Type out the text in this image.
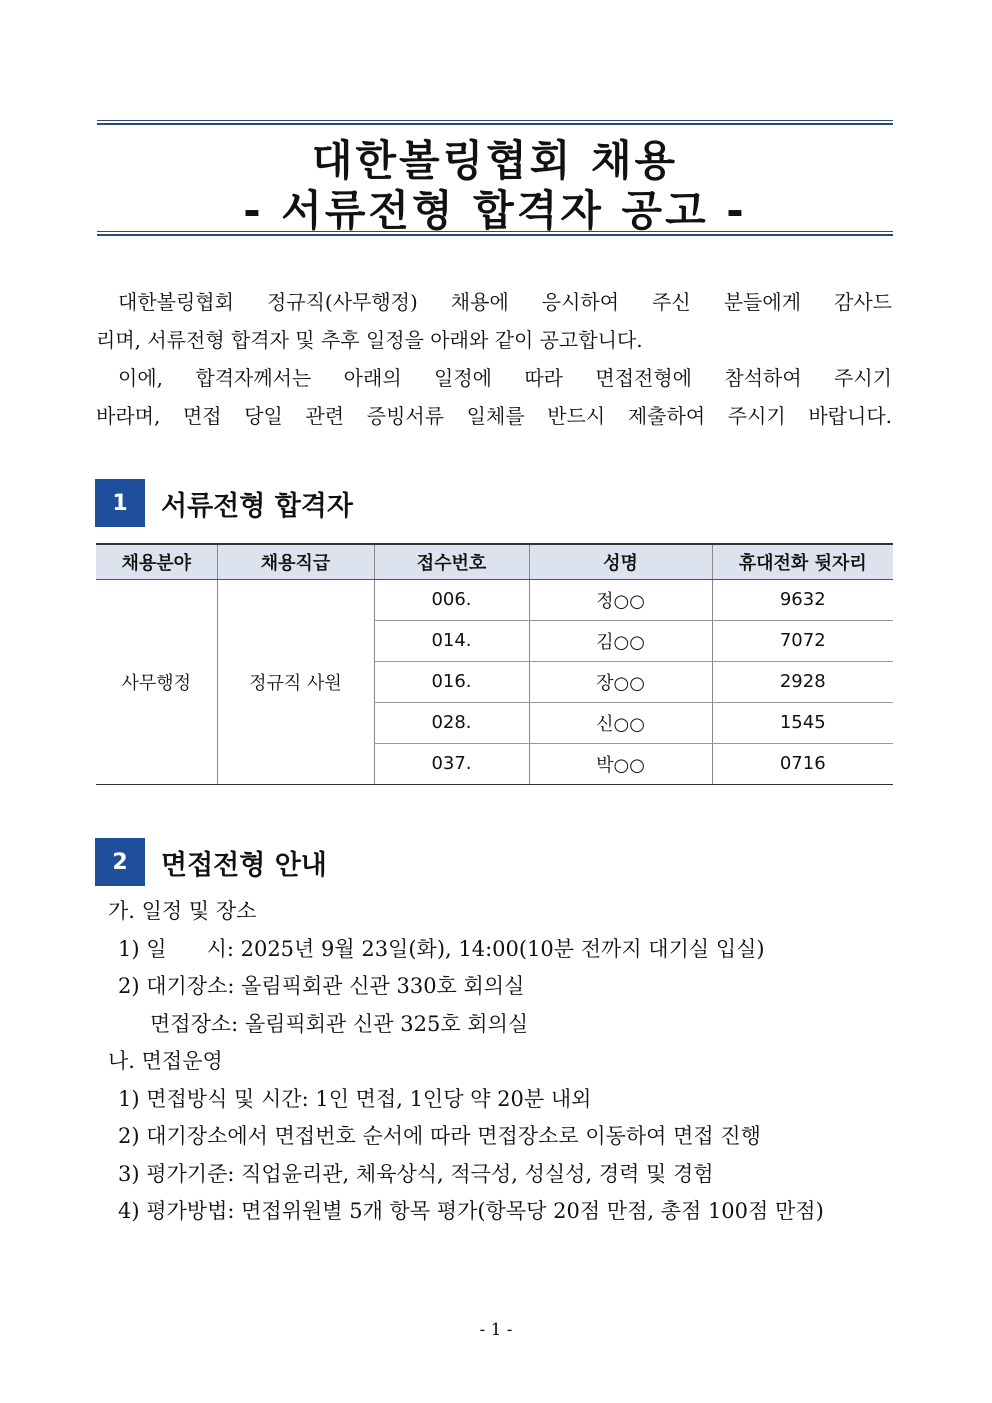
대한볼링협회 채용
- 서류전형 합격자 공고 -

대한볼링협회 정규직(사무행정) 채용에 응시하여 주신 분들에게 감사드

리며, 서류전형 합격자 및 추후 일정을 아래와 같이 공고합니다.

이에, 합격자께서는 아래의 일정에 따라 면접전형에 참석하여 주시기

바라며, 면접 당일 관련 증빙서류 일체를 반드시 제출하여 주시기 바랍니다.

1	서류전형 합격자
채용분야	채용직급	접수번호	성명	휴대전화 뒷자리
사무행정	정규직 사원	006.	정○○	9632
		014.	김○○	7072
		016.	장○○	2928
		028.	신○○	1545
		037.	박○○	0716
2	면접전형 안내
가. 일정 및 장소
1) 일      시: 2025년 9월 23일(화), 14:00(10분 전까지 대기실 입실)
2) 대기장소: 올림픽회관 신관 330호 회의실
면접장소: 올림픽회관 신관 325호 회의실
나. 면접운영
1) 면접방식 및 시간: 1인 면접, 1인당 약 20분 내외
2) 대기장소에서 면접번호 순서에 따라 면접장소로 이동하여 면접 진행
3) 평가기준: 직업윤리관, 체육상식, 적극성, 성실성, 경력 및 경험
4) 평가방법: 면접위원별 5개 항목 평가(항목당 20점 만점, 총점 100점 만점)
- 1 -
